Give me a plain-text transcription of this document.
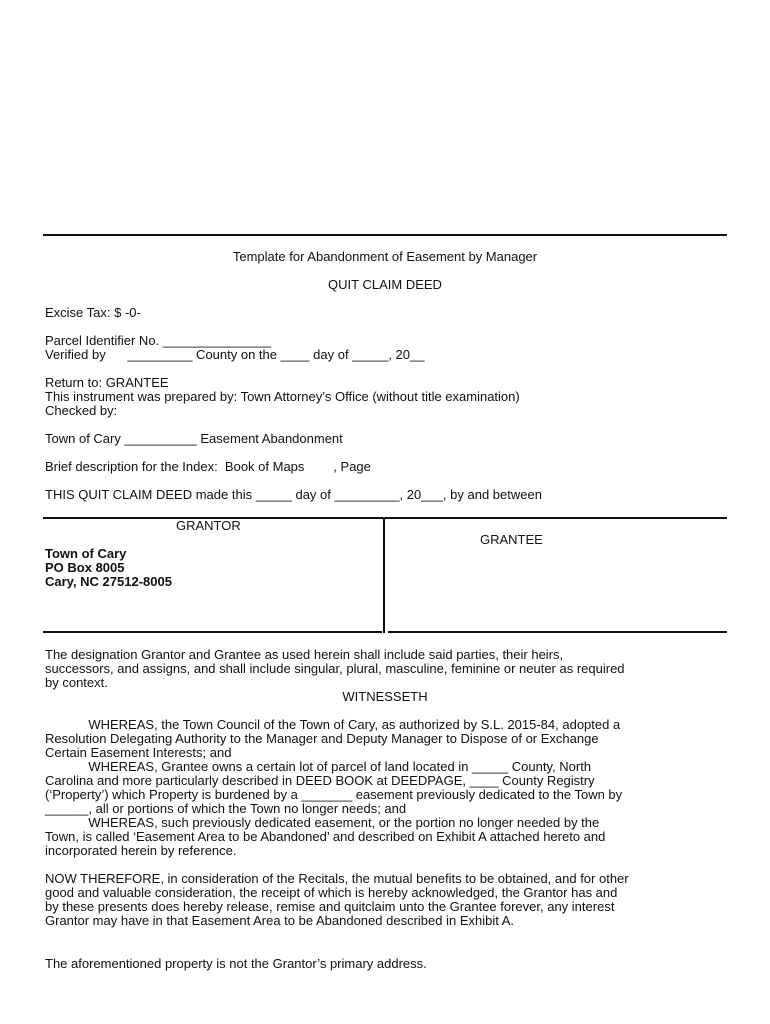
Template for Abandonment of Easement by Manager
QUIT CLAIM DEED
Excise Tax: $ -0-
Parcel Identifier No. _______________
Verified by      _________ County on the ____ day of _____, 20__
Return to: GRANTEE
This instrument was prepared by: Town Attorney’s Office (without title examination)
Checked by:
Town of Cary __________ Easement Abandonment
Brief description for the Index:  Book of Maps        , Page
THIS QUIT CLAIM DEED made this _____ day of _________, 20___, by and between
GRANTOR
GRANTEE
Town of Cary
PO Box 8005
Cary, NC 27512-8005
The designation Grantor and Grantee as used herein shall include said parties, their heirs,
successors, and assigns, and shall include singular, plural, masculine, feminine or neuter as required
by context.
WITNESSETH
WHEREAS, the Town Council of the Town of Cary, as authorized by S.L. 2015-84, adopted a
Resolution Delegating Authority to the Manager and Deputy Manager to Dispose of or Exchange
Certain Easement Interests; and
WHEREAS, Grantee owns a certain lot of parcel of land located in _____ County, North
Carolina and more particularly described in DEED BOOK at DEEDPAGE, ____ County Registry
(‘Property’) which Property is burdened by a _______ easement previously dedicated to the Town by
______, all or portions of which the Town no longer needs; and
WHEREAS, such previously dedicated easement, or the portion no longer needed by the
Town, is called ‘Easement Area to be Abandoned’ and described on Exhibit A attached hereto and
incorporated herein by reference.
NOW THEREFORE, in consideration of the Recitals, the mutual benefits to be obtained, and for other
good and valuable consideration, the receipt of which is hereby acknowledged, the Grantor has and
by these presents does hereby release, remise and quitclaim unto the Grantee forever, any interest
Grantor may have in that Easement Area to be Abandoned described in Exhibit A.
The aforementioned property is not the Grantor’s primary address.
